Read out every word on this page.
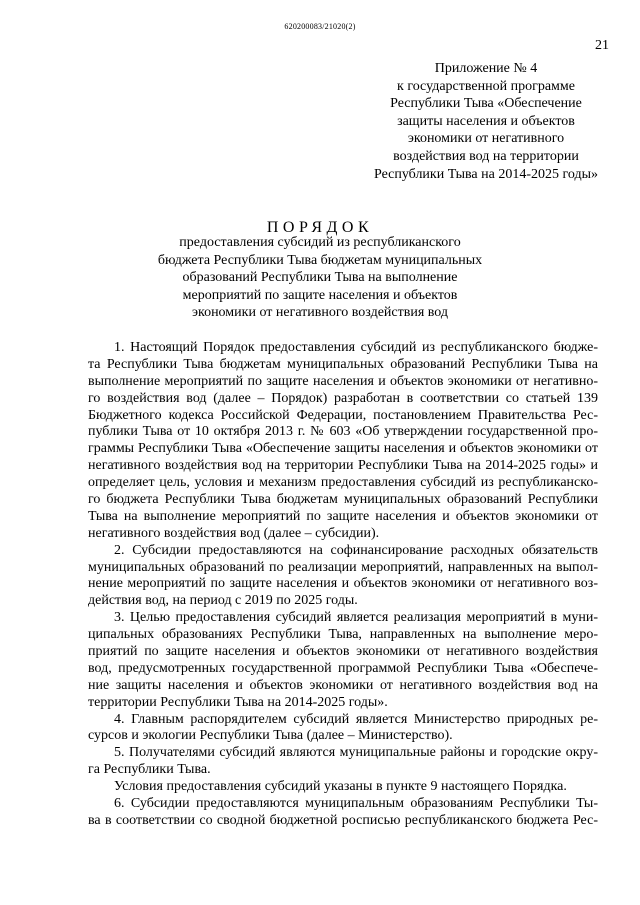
620200083/21020(2)
21
Приложение № 4
к государственной программе
Республики Тыва «Обеспечение
защиты населения и объектов
экономики от негативного
воздействия вод на территории
Республики Тыва на 2014-2025 годы»
ПОРЯДОК
предоставления субсидий из республиканского
бюджета Республики Тыва бюджетам муниципальных
образований Республики Тыва на выполнение
мероприятий по защите населения и объектов
экономики от негативного воздействия вод
1. Настоящий Порядок предоставления субсидий из республиканского бюдже-
та Республики Тыва бюджетам муниципальных образований Республики Тыва на
выполнение мероприятий по защите населения и объектов экономики от негативно-
го воздействия вод (далее – Порядок) разработан в соответствии со статьей 139
Бюджетного кодекса Российской Федерации, постановлением Правительства Рес-
публики Тыва от 10 октября 2013 г. № 603 «Об утверждении государственной про-
граммы Республики Тыва «Обеспечение защиты населения и объектов экономики от
негативного воздействия вод на территории Республики Тыва на 2014-2025 годы» и
определяет цель, условия и механизм предоставления субсидий из республиканско-
го бюджета Республики Тыва бюджетам муниципальных образований Республики
Тыва на выполнение мероприятий по защите населения и объектов экономики от
негативного воздействия вод (далее – субсидии).
2. Субсидии предоставляются на софинансирование расходных обязательств
муниципальных образований по реализации мероприятий, направленных на выпол-
нение мероприятий по защите населения и объектов экономики от негативного воз-
действия вод, на период с 2019 по 2025 годы.
3. Целью предоставления субсидий является реализация мероприятий в муни-
ципальных образованиях Республики Тыва, направленных на выполнение меро-
приятий по защите населения и объектов экономики от негативного воздействия
вод, предусмотренных государственной программой Республики Тыва «Обеспече-
ние защиты населения и объектов экономики от негативного воздействия вод на
территории Республики Тыва на 2014-2025 годы».
4. Главным распорядителем субсидий является Министерство природных ре-
сурсов и экологии Республики Тыва (далее – Министерство).
5. Получателями субсидий являются муниципальные районы и городские окру-
га Республики Тыва.
Условия предоставления субсидий указаны в пункте 9 настоящего Порядка.
6. Субсидии предоставляются муниципальным образованиям Республики Ты-
ва в соответствии со сводной бюджетной росписью республиканского бюджета Рес-
